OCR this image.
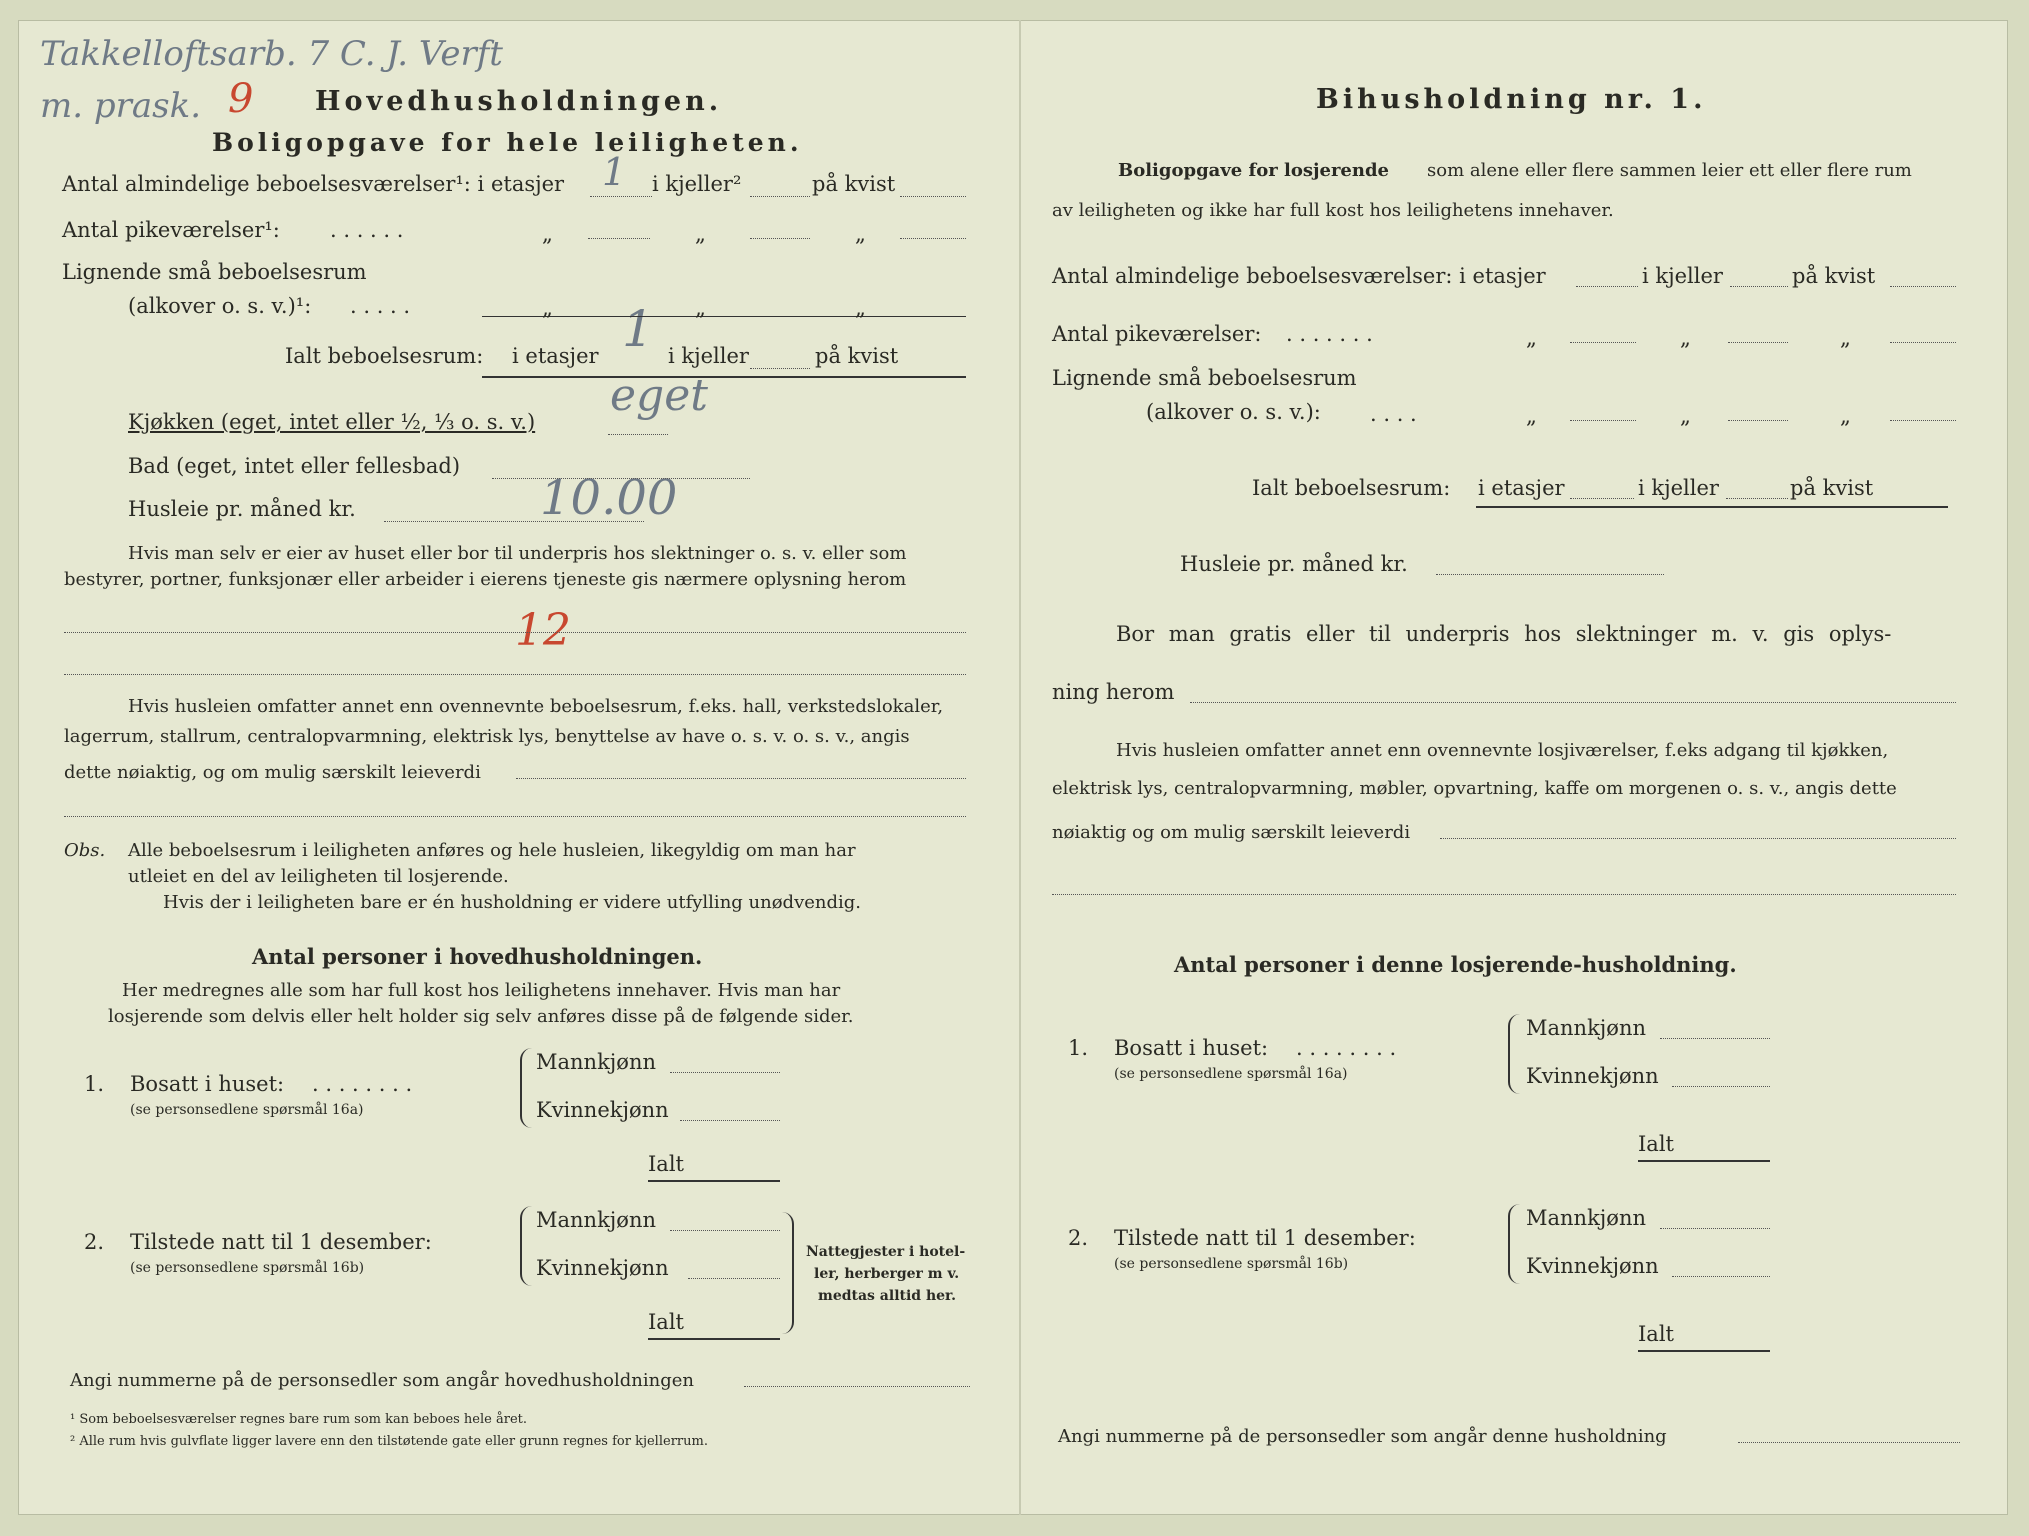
Takkelloftsarb. 7 C. J. Verft
m. prask. 9
1
1
eget
10.00
12
Hovedhusholdningen.
Boligopgave for hele leiligheten.
Antal almindelige beboelsesværelser¹: i etasjer	i kjeller²	på kvist
Antal pikeværelser¹: . . . . . .	„	„	„
Lignende små beboelsesrum
(alkover o. s. v.)¹: . . . . .	„	„	„
Ialt beboelsesrum: i etasjer	i kjeller	på kvist
Kjøkken (eget, intet eller ½, ⅓ o. s. v.)
Bad (eget, intet eller fellesbad)
Husleie pr. måned kr.
Hvis man selv er eier av huset eller bor til underpris hos slektninger o. s. v. eller som
bestyrer, portner, funksjonær eller arbeider i eierens tjeneste gis nærmere oplysning herom
Hvis husleien omfatter annet enn ovennevnte beboelsesrum, f.eks. hall, verkstedslokaler,
lagerrum, stallrum, centralopvarmning, elektrisk lys, benyttelse av have o. s. v. o. s. v., angis
dette nøiaktig, og om mulig særskilt leieverdi
Obs. Alle beboelsesrum i leiligheten anføres og hele husleien, likegyldig om man har
utleiet en del av leiligheten til losjerende.
Hvis der i leiligheten bare er én husholdning er videre utfylling unødvendig.
Antal personer i hovedhusholdningen.
Her medregnes alle som har full kost hos leilighetens innehaver. Hvis man har
losjerende som delvis eller helt holder sig selv anføres disse på de følgende sider.
1. Bosatt i huset: . . . . . . . .
(se personsedlene spørsmål 16a)
Mannkjønn
Kvinnekjønn
Ialt
2. Tilstede natt til 1 desember:
(se personsedlene spørsmål 16b)
Mannkjønn
Kvinnekjønn
Ialt
Nattegjester i hotel-
ler, herberger m v.
medtas alltid her.
Angi nummerne på de personsedler som angår hovedhusholdningen
¹ Som beboelsesværelser regnes bare rum som kan beboes hele året.
² Alle rum hvis gulvflate ligger lavere enn den tilstøtende gate eller grunn regnes for kjellerrum.
Bihusholdning nr. 1.
Boligopgave for losjerende som alene eller flere sammen leier ett eller flere rum
av leiligheten og ikke har full kost hos leilighetens innehaver.
Antal almindelige beboelsesværelser: i etasjer	i kjeller	på kvist
Antal pikeværelser: . . . . . . .	„	„	„
Lignende små beboelsesrum
(alkover o. s. v.): . . . .	„	„	„
Ialt beboelsesrum: i etasjer	i kjeller	på kvist
Husleie pr. måned kr.
Bor man gratis eller til underpris hos slektninger m. v. gis oplys-
ning herom
Hvis husleien omfatter annet enn ovennevnte losjiværelser, f.eks adgang til kjøkken,
elektrisk lys, centralopvarmning, møbler, opvartning, kaffe om morgenen o. s. v., angis dette
nøiaktig og om mulig særskilt leieverdi
Antal personer i denne losjerende-husholdning.
1. Bosatt i huset: . . . . . . . .
(se personsedlene spørsmål 16a)
Mannkjønn
Kvinnekjønn
Ialt
2. Tilstede natt til 1 desember:
(se personsedlene spørsmål 16b)
Mannkjønn
Kvinnekjønn
Ialt
Angi nummerne på de personsedler som angår denne husholdning
